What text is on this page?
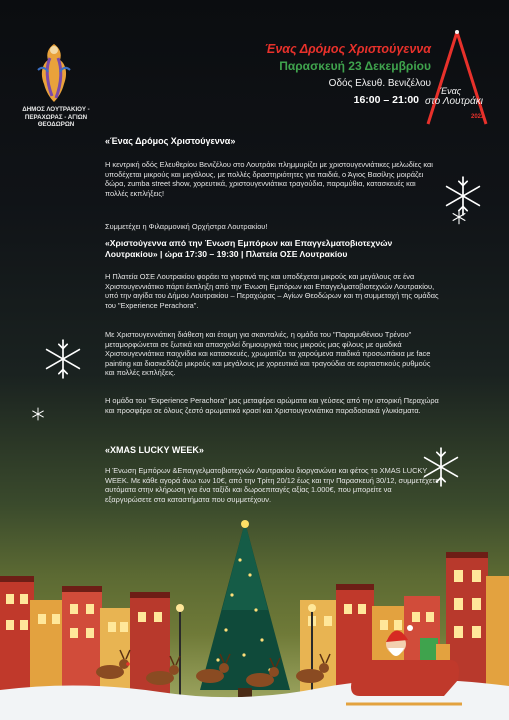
ΔΗΜΟΣ ΛΟΥΤΡΑΚΙΟΥ - ΠΕΡΑΧΩΡΑΣ - ΑΓΙΩΝ ΘΕΟΔΩΡΩΝ
Ένας Δρόμος Χριστούγεννα
Παρασκευή 23 Δεκεμβρίου
Οδός Ελευθ. Βενιζέλου
16:00 – 21:00
Ένας
στο Λουτράκι
2022
«Ένας Δρόμος Χριστούγεννα»
Η κεντρική οδός Ελευθερίου Βενιζέλου στο Λουτράκι πλημμυρίζει με χριστουγεννιάτικες μελωδίες και υποδέχεται μικρούς και μεγάλους, με πολλές δραστηριότητες για παιδιά, ο Άγιος Βασίλης μοιράζει δώρα, zumba street show, χορευτικά, χριστουγεννιάτικα τραγούδια, παραμύθια, κατασκευές και πολλές εκπλήξεις!
Συμμετέχει η Φιλαρμονική Ορχήστρα Λουτρακίου!
«Χριστούγεννα από την Ένωση Εμπόρων και Επαγγελματοβιοτεχνών Λουτρακίου» | ώρα 17:30 – 19:30 | Πλατεία ΟΣΕ Λουτρακίου
Η Πλατεία ΟΣΕ Λουτρακίου φοράει τα γιορτινά της και υποδέχεται μικρούς και μεγάλους σε ένα Χριστουγεννιάτικο πάρτι έκπληξη από την Ένωση Εμπόρων και Επαγγελματοβιοτεχνών Λουτρακίου, υπό την αιγίδα του Δήμου Λουτρακίου – Περαχώρας – Αγίων Θεοδώρων και τη συμμετοχή της ομάδας του "Experience Perachora".
Με Χριστουγεννιάτικη διάθεση και έτοιμη για σκανταλιές, η ομάδα του "Παραμυθένιου Τρένου" μεταμορφώνεται σε ξωτικά και απασχολεί δημιουργικά τους μικρούς μας φίλους με ομαδικά Χριστουγεννιάτικα παιχνίδια και κατασκευές, χρωματίζει τα χαρούμενα παιδικά προσωπάκια με face painting και διασκεδάζει μικρούς και μεγάλους με χορευτικά και τραγούδια σε εορταστικούς ρυθμούς και πολλές εκπλήξεις.
Η ομάδα του "Experience Perachora" μας μεταφέρει αρώματα και γεύσεις από την ιστορική Περαχώρα και προσφέρει σε όλους ζεστό αρωματικό κρασί και Χριστουγεννιάτικα παραδοσιακά γλυκίσματα.
«XMAS LUCKY WEEK»
Η Ένωση Εμπόρων &Επαγγελματοβιοτεχνών Λουτρακίου διοργανώνει και φέτος το XMAS LUCKY WEEK. Με κάθε αγορά άνω των 10€, από την Τρίτη 20/12 έως και την Παρασκευή 30/12, συμμετέχετε αυτόματα στην κλήρωση για ένα ταξίδι και δωροεπιταγές αξίας 1.000€, που μπορείτε να εξαργυρώσετε στα καταστήματα που συμμετέχουν.
